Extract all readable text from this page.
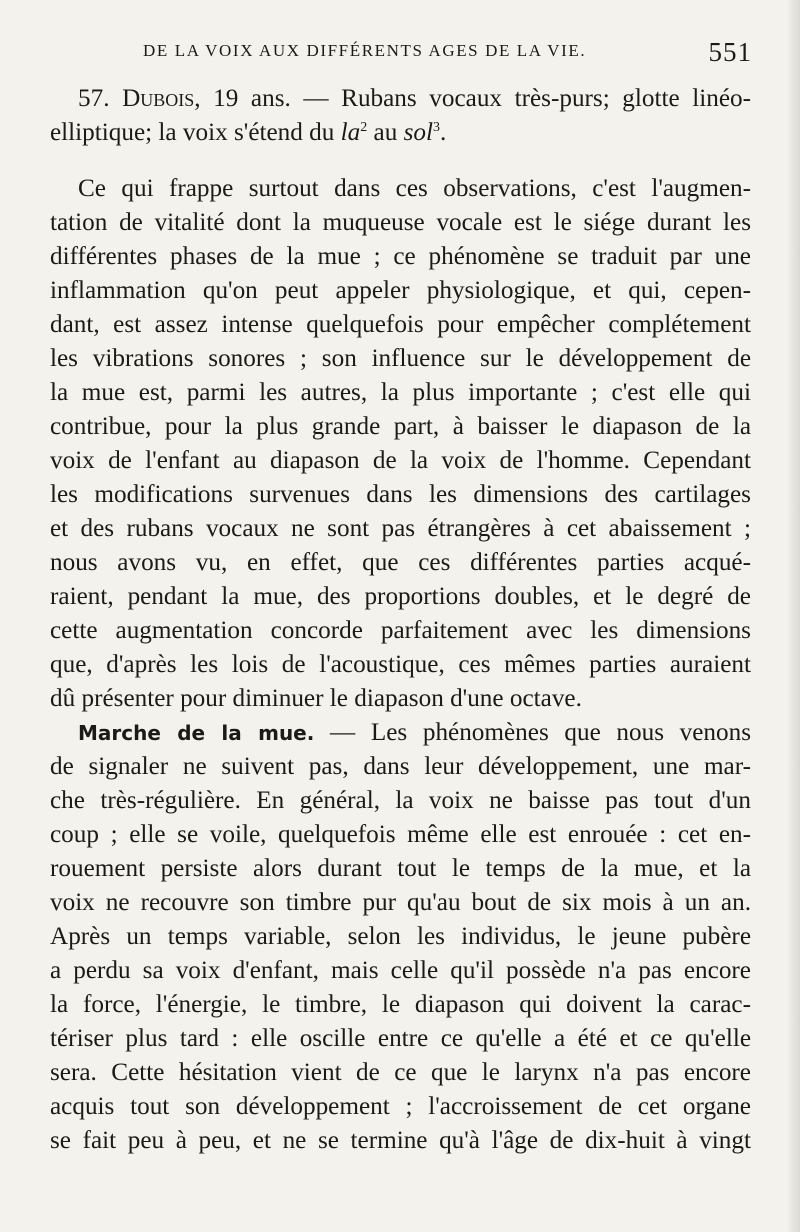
DE LA VOIX AUX DIFFÉRENTS AGES DE LA VIE.	551
57. Dubois, 19 ans. — Rubans vocaux très-purs; glotte linéo-
elliptique; la voix s'étend du $la^2$ au sol$^3$.
Ce qui frappe surtout dans ces observations, c'est l'augmen-
tation de vitalité dont la muqueuse vocale est le siége durant les
différentes phases de la mue ; ce phénomène se traduit par une
inflammation qu'on peut appeler physiologique, et qui, cepen-
dant, est assez intense quelquefois pour empêcher complétement
les vibrations sonores ; son influence sur le développement de
la mue est, parmi les autres, la plus importante ; c'est elle qui
contribue, pour la plus grande part, à baisser le diapason de la
voix de l'enfant au diapason de la voix de l'homme. Cependant
les modifications survenues dans les dimensions des cartilages
et des rubans vocaux ne sont pas étrangères à cet abaissement ;
nous avons vu, en effet, que ces différentes parties acqué-
raient, pendant la mue, des proportions doubles, et le degré de
cette augmentation concorde parfaitement avec les dimensions
que, d'après les lois de l'acoustique, ces mêmes parties auraient
dû présenter pour diminuer le diapason d'une octave.
Marche de la mue. — Les phénomènes que nous venons
de signaler ne suivent pas, dans leur développement, une mar-
che très-régulière. En général, la voix ne baisse pas tout d'un
coup ; elle se voile, quelquefois même elle est enrouée : cet en-
rouement persiste alors durant tout le temps de la mue, et la
voix ne recouvre son timbre pur qu'au bout de six mois à un an.
Après un temps variable, selon les individus, le jeune pubère
a perdu sa voix d'enfant, mais celle qu'il possède n'a pas encore
la force, l'énergie, le timbre, le diapason qui doivent la carac-
tériser plus tard : elle oscille entre ce qu'elle a été et ce qu'elle
sera. Cette hésitation vient de ce que le larynx n'a pas encore
acquis tout son développement ; l'accroissement de cet organe
se fait peu à peu, et ne se termine qu'à l'âge de dix-huit à vingt
